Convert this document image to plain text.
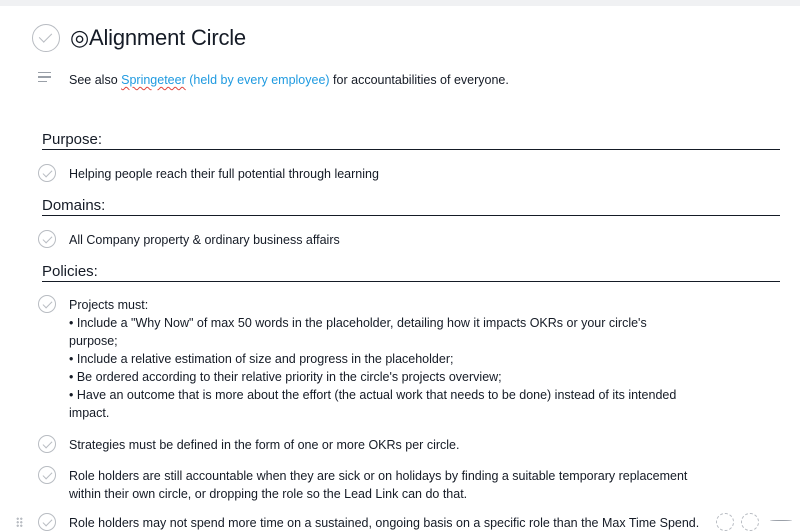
◎Alignment Circle
See also Springeteer (held by every employee) for accountabilities of everyone.
Purpose:
Helping people reach their full potential through learning
Domains:
All Company property & ordinary business affairs
Policies:
Projects must:
• Include a "Why Now" of max 50 words in the placeholder, detailing how it impacts OKRs or your circle's
purpose;
• Include a relative estimation of size and progress in the placeholder;
• Be ordered according to their relative priority in the circle's projects overview;
• Have an outcome that is more about the effort (the actual work that needs to be done) instead of its intended
impact.
Strategies must be defined in the form of one or more OKRs per circle.
Role holders are still accountable when they are sick or on holidays by finding a suitable temporary replacement
within their own circle, or dropping the role so the Lead Link can do that.
Role holders may not spend more time on a sustained, ongoing basis on a specific role than the Max Time Spend.
